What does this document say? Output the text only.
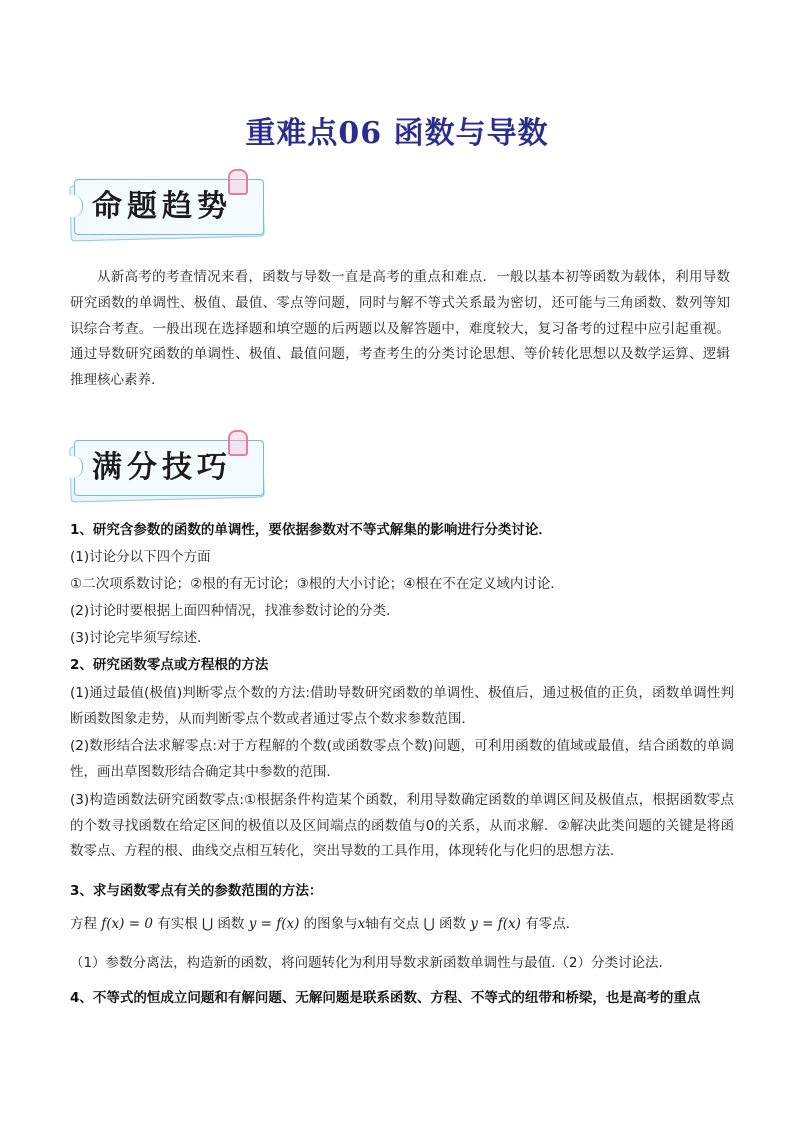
重难点06 函数与导数
命题趋势
从新高考的考查情况来看，函数与导数一直是高考的重点和难点．一般以基本初等函数为载体，利用导数研究函数的单调性、极值、最值、零点等问题，同时与解不等式关系最为密切，还可能与三角函数、数列等知识综合考查。一般出现在选择题和填空题的后两题以及解答题中，难度较大，复习备考的过程中应引起重视。通过导数研究函数的单调性、极值、最值问题，考查考生的分类讨论思想、等价转化思想以及数学运算、逻辑推理核心素养.
满分技巧
1、研究含参数的函数的单调性，要依据参数对不等式解集的影响进行分类讨论．
(1)讨论分以下四个方面
①二次项系数讨论；②根的有无讨论；③根的大小讨论；④根在不在定义域内讨论．
(2)讨论时要根据上面四种情况，找准参数讨论的分类．
(3)讨论完毕须写综述．
2、研究函数零点或方程根的方法
(1)通过最值(极值)判断零点个数的方法:借助导数研究函数的单调性、极值后，通过极值的正负，函数单调性判断函数图象走势，从而判断零点个数或者通过零点个数求参数范围．
(2)数形结合法求解零点:对于方程解的个数(或函数零点个数)问题，可利用函数的值域或最值，结合函数的单调性，画出草图数形结合确定其中参数的范围．
(3)构造函数法研究函数零点:①根据条件构造某个函数，利用导数确定函数的单调区间及极值点，根据函数零点的个数寻找函数在给定区间的极值以及区间端点的函数值与0的关系，从而求解．②解决此类问题的关键是将函数零点、方程的根、曲线交点相互转化，突出导数的工具作用，体现转化与化归的思想方法．
3、求与函数零点有关的参数范围的方法：
方程 f(x) = 0 有实根 ⋃ 函数 y = f(x) 的图象与x轴有交点 ⋃ 函数 y = f(x) 有零点．
（1）参数分离法，构造新的函数，将问题转化为利用导数求新函数单调性与最值.（2）分类讨论法.
4、不等式的恒成立问题和有解问题、无解问题是联系函数、方程、不等式的纽带和桥梁，也是高考的重点
